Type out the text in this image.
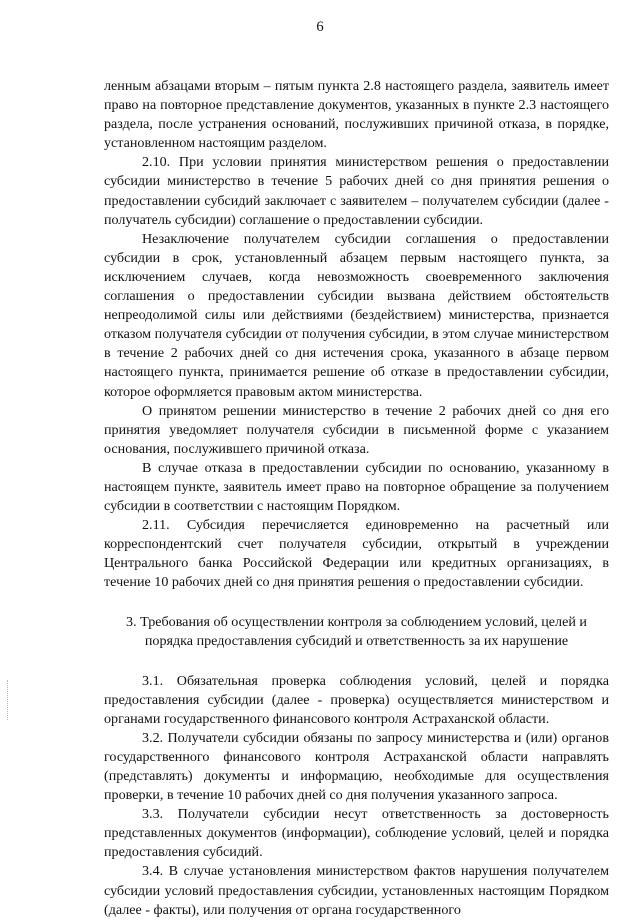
6

ленным абзацами вторым – пятым пункта 2.8 настоящего раздела, заявитель имеет право на повторное представление документов, указанных в пункте 2.3 настоящего раздела, после устранения оснований, послуживших причиной отказа, в порядке, установленном настоящим разделом.

2.10. При условии принятия министерством решения о предоставлении субсидии министерство в течение 5 рабочих дней со дня принятия решения о предоставлении субсидий заключает с заявителем – получателем субсидии (далее - получатель субсидии) соглашение о предоставлении субсидии.

Незаключение получателем субсидии соглашения о предоставлении субсидии в срок, установленный абзацем первым настоящего пункта, за исключением случаев, когда невозможность своевременного заключения соглашения о предоставлении субсидии вызвана действием обстоятельств непреодолимой силы или действиями (бездействием) министерства, признается отказом получателя субсидии от получения субсидии, в этом случае министерством в течение 2 рабочих дней со дня истечения срока, указанного в абзаце первом настоящего пункта, принимается решение об отказе в предоставлении субсидии, которое оформляется правовым актом министерства.

О принятом решении министерство в течение 2 рабочих дней со дня его принятия уведомляет получателя субсидии в письменной форме с указанием основания, послужившего причиной отказа.

В случае отказа в предоставлении субсидии по основанию, указанному в настоящем пункте, заявитель имеет право на повторное обращение за получением субсидии в соответствии с настоящим Порядком.

2.11. Субсидия перечисляется единовременно на расчетный или корреспондентский счет получателя субсидии, открытый в учреждении Центрального банка Российской Федерации или кредитных организациях, в течение 10 рабочих дней со дня принятия решения о предоставлении субсидии.

3. Требования об осуществлении контроля за соблюдением условий, целей и
порядка предоставления субсидий и ответственность за их нарушение

3.1. Обязательная проверка соблюдения условий, целей и порядка предоставления субсидии (далее - проверка) осуществляется министерством и органами государственного финансового контроля Астраханской области.

3.2. Получатели субсидии обязаны по запросу министерства и (или) органов государственного финансового контроля Астраханской области направлять (представлять) документы и информацию, необходимые для осуществления проверки, в течение 10 рабочих дней со дня получения указанного запроса.

3.3. Получатели субсидии несут ответственность за достоверность представленных документов (информации), соблюдение условий, целей и порядка предоставления субсидий.

3.4. В случае установления министерством фактов нарушения получателем субсидии условий предоставления субсидии, установленных настоящим Порядком (далее - факты), или получения от органа государственного
